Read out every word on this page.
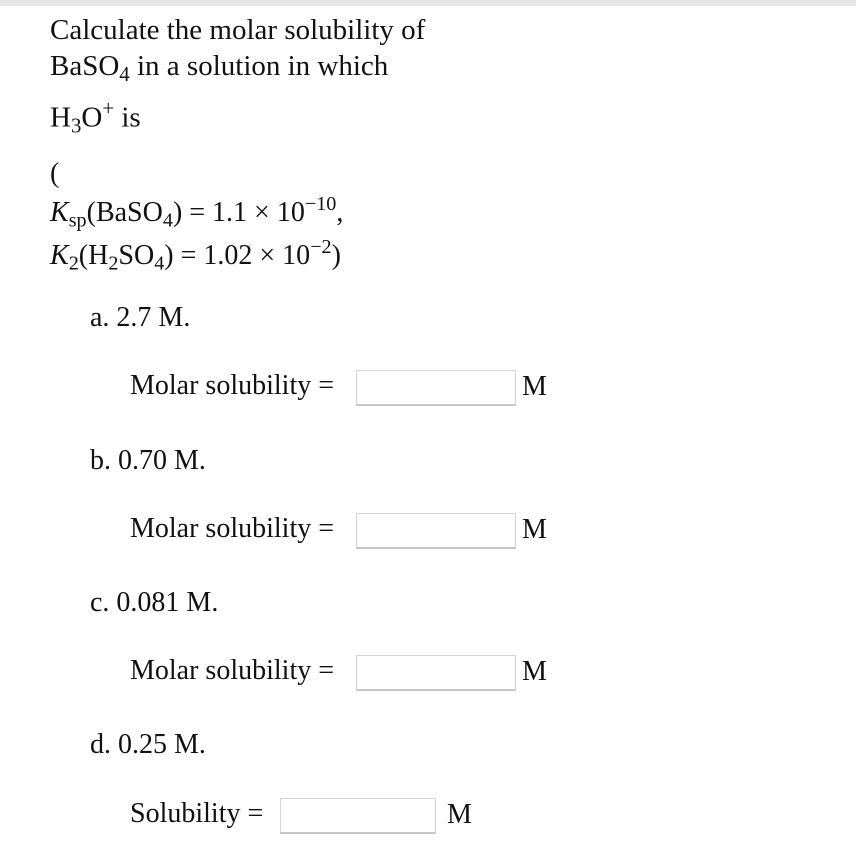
Calculate the molar solubility of
BaSO$_4$ in a solution in which
$H_3O^+$ is
(
$K_{sp}(BaSO_4) = 1.1 \times 10^{-10}$,
$K_2(H_2SO_4) = 1.02 \times 10^{-2}$)
a. 2.7 M.
Molar solubility =	M
b. 0.70 M.
Molar solubility =	M
c. 0.081 M.
Molar solubility =	M
d. 0.25 M.
Solubility =	M
